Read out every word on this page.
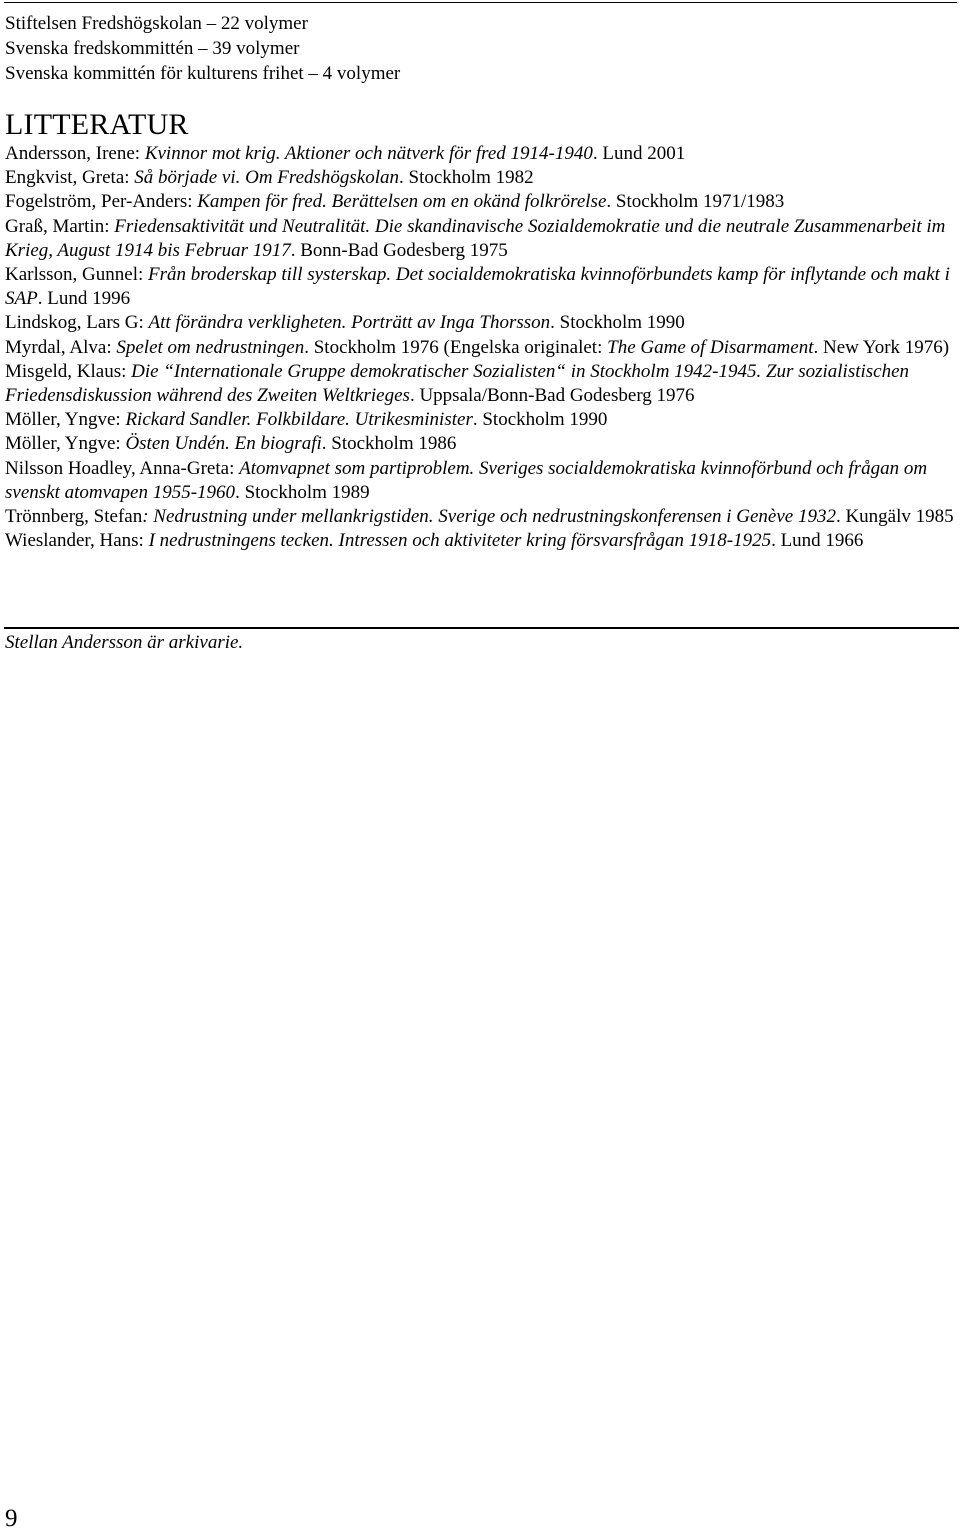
Stiftelsen Fredshögskolan – 22 volymer
Svenska fredskommittén – 39 volymer
Svenska kommittén för kulturens frihet – 4 volymer
LITTERATUR
Andersson, Irene: Kvinnor mot krig. Aktioner och nätverk för fred 1914-1940. Lund 2001
Engkvist, Greta: Så började vi. Om Fredshögskolan. Stockholm 1982
Fogelström, Per-Anders: Kampen för fred. Berättelsen om en okänd folkrörelse. Stockholm 1971/1983
Graß, Martin: Friedensaktivität und Neutralität. Die skandinavische Sozialdemokratie und die neutrale Zusammenarbeit im Krieg, August 1914 bis Februar 1917. Bonn-Bad Godesberg 1975
Karlsson, Gunnel: Från broderskap till systerskap. Det socialdemokratiska kvinnoförbundets kamp för inflytande och makt i SAP. Lund 1996
Lindskog, Lars G: Att förändra verkligheten. Porträtt av Inga Thorsson. Stockholm 1990
Myrdal, Alva: Spelet om nedrustningen. Stockholm 1976 (Engelska originalet: The Game of Disarmament. New York 1976)
Misgeld, Klaus: Die “Internationale Gruppe demokratischer Sozialisten“ in Stockholm 1942-1945. Zur sozialistischen Friedensdiskussion während des Zweiten Weltkrieges. Uppsala/Bonn-Bad Godesberg 1976
Möller, Yngve: Rickard Sandler. Folkbildare. Utrikesminister. Stockholm 1990
Möller, Yngve: Östen Undén. En biografi. Stockholm 1986
Nilsson Hoadley, Anna-Greta: Atomvapnet som partiproblem. Sveriges socialdemokratiska kvinnoförbund och frågan om svenskt atomvapen 1955-1960. Stockholm 1989
Trönnberg, Stefan: Nedrustning under mellankrigstiden. Sverige och nedrustningskonferensen i Genève 1932. Kungälv 1985
Wieslander, Hans: I nedrustningens tecken. Intressen och aktiviteter kring försvarsfrågan 1918-1925. Lund 1966
Stellan Andersson är arkivarie.
9
